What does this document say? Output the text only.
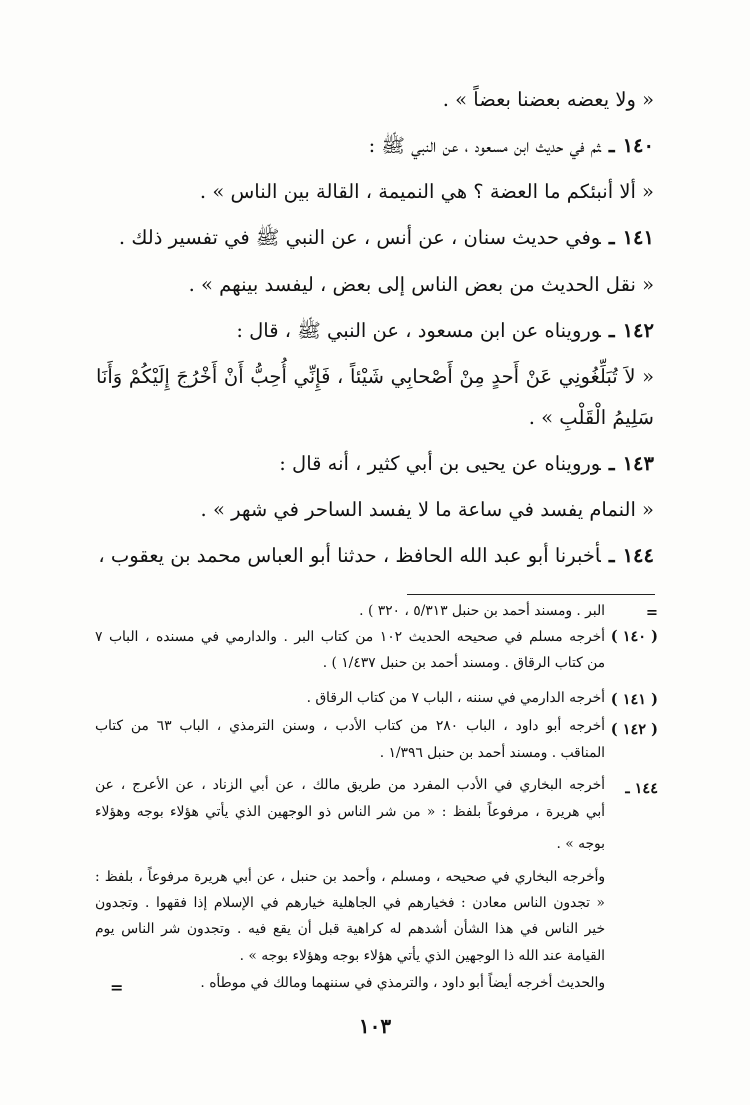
« ولا يعضه بعضنا بعضاً » .
١٤٠ـثم في حديث ابن مسعود ، عن النبي ﷺ :
« ألا أنبئكم ما العضة ؟ هي النميمة ، القالة بين الناس » .
١٤١ـوفي حديث سنان ، عن أنس ، عن النبي ﷺ في تفسير ذلك .
« نقل الحديث من بعض الناس إلى بعض ، ليفسد بينهم » .
١٤٢ـورويناه عن ابن مسعود ، عن النبي ﷺ ، قال :
« لاَ تُبَلِّغُونِي عَنْ أَحدٍ مِنْ أَصْحابِي شَيْئاً ، فَإِنِّي أُحِبُّ أَنْ أَخْرُجَ إِلَيْكُمْ وَأَنَا
سَلِيمُ الْقَلْبِ » .
١٤٣ـورويناه عن يحيى بن أبي كثير ، أنه قال :
« النمام يفسد في ساعة ما لا يفسد الساحر في شهر » .
١٤٤ـأخبرنا أبو عبد الله الحافظ ، حدثنا أبو العباس محمد بن يعقوب ،
=
البر . ومسند أحمد بن حنبل ٥/٣١٣ ، ٣٢٠ ) .
( ١٤٠ )
أخرجه مسلم في صحيحه الحديث ١٠٢ من كتاب البر . والدارمي في مسنده ، الباب ٧
من كتاب الرقاق . ومسند أحمد بن حنبل ١/٤٣٧ ) .
( ١٤١ )
أخرجه الدارمي في سننه ، الباب ٧ من كتاب الرقاق .
( ١٤٢ )
أخرجه أبو داود ، الباب ٢٨٠ من كتاب الأدب ، وسنن الترمذي ، الباب ٦٣ من كتاب
المناقب . ومسند أحمد بن حنبل ١/٣٩٦ .
١٤٤ ـ
أخرجه البخاري في الأدب المفرد من طريق مالك ، عن أبي الزناد ، عن الأعرج ، عن
أبي هريرة ، مرفوعاً بلفظ : « من شر الناس ذو الوجهين الذي يأتي هؤلاء بوجه وهؤلاء
بوجه » .
وأخرجه البخاري في صحيحه ، ومسلم ، وأحمد بن حنبل ، عن أبي هريرة مرفوعاً ، بلفظ :
« تجدون الناس معادن : فخيارهم في الجاهلية خيارهم في الإسلام إذا فقهوا . وتجدون
خير الناس في هذا الشأن أشدهم له كراهية قبل أن يقع فيه . وتجدون شر الناس يوم
القيامة عند الله ذا الوجهين الذي يأتي هؤلاء بوجه وهؤلاء بوجه » .
والحديث أخرجه أيضاً أبو داود ، والترمذي في سننهما ومالك في موطأه .
=
١٠٣
